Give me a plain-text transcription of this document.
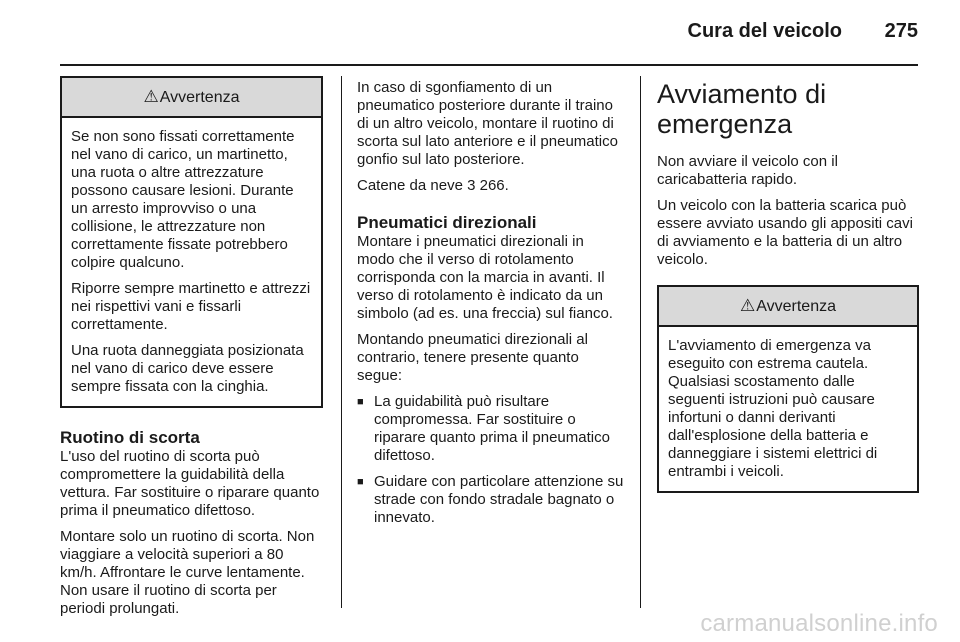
Cura del veicolo 275
⚠Avvertenza

Se non sono fissati correttamente nel vano di carico, un martinetto, una ruota o altre attrezzature possono causare lesioni. Durante un arresto improvviso o una collisione, le attrezzature non correttamente fissate potrebbero colpire qualcuno.

Riporre sempre martinetto e attrezzi nei rispettivi vani e fissarli correttamente.

Una ruota danneggiata posizionata nel vano di carico deve essere sempre fissata con la cinghia.

Ruotino di scorta

L'uso del ruotino di scorta può compromettere la guidabilità della vettura. Far sostituire o riparare quanto prima il pneumatico difettoso.

Montare solo un ruotino di scorta. Non viaggiare a velocità superiori a 80 km/h. Affrontare le curve lentamente. Non usare il ruotino di scorta per periodi prolungati.

In caso di sgonfiamento di un pneumatico posteriore durante il traino di un altro veicolo, montare il ruotino di scorta sul lato anteriore e il pneumatico gonfio sul lato posteriore.

Catene da neve 3 266.

Pneumatici direzionali

Montare i pneumatici direzionali in modo che il verso di rotolamento corrisponda con la marcia in avanti. Il verso di rotolamento è indicato da un simbolo (ad es. una freccia) sul fianco.

Montando pneumatici direzionali al contrario, tenere presente quanto segue:

■ La guidabilità può risultare compromessa. Far sostituire o riparare quanto prima il pneumatico difettoso.
■ Guidare con particolare attenzione su strade con fondo stradale bagnato o innevato.
Avviamento di emergenza

Non avviare il veicolo con il caricabatteria rapido.

Un veicolo con la batteria scarica può essere avviato usando gli appositi cavi di avviamento e la batteria di un altro veicolo.

⚠Avvertenza

L'avviamento di emergenza va eseguito con estrema cautela. Qualsiasi scostamento dalle seguenti istruzioni può causare infortuni o danni derivanti dall'esplosione della batteria e danneggiare i sistemi elettrici di entrambi i veicoli.

carmanualsonline.info
